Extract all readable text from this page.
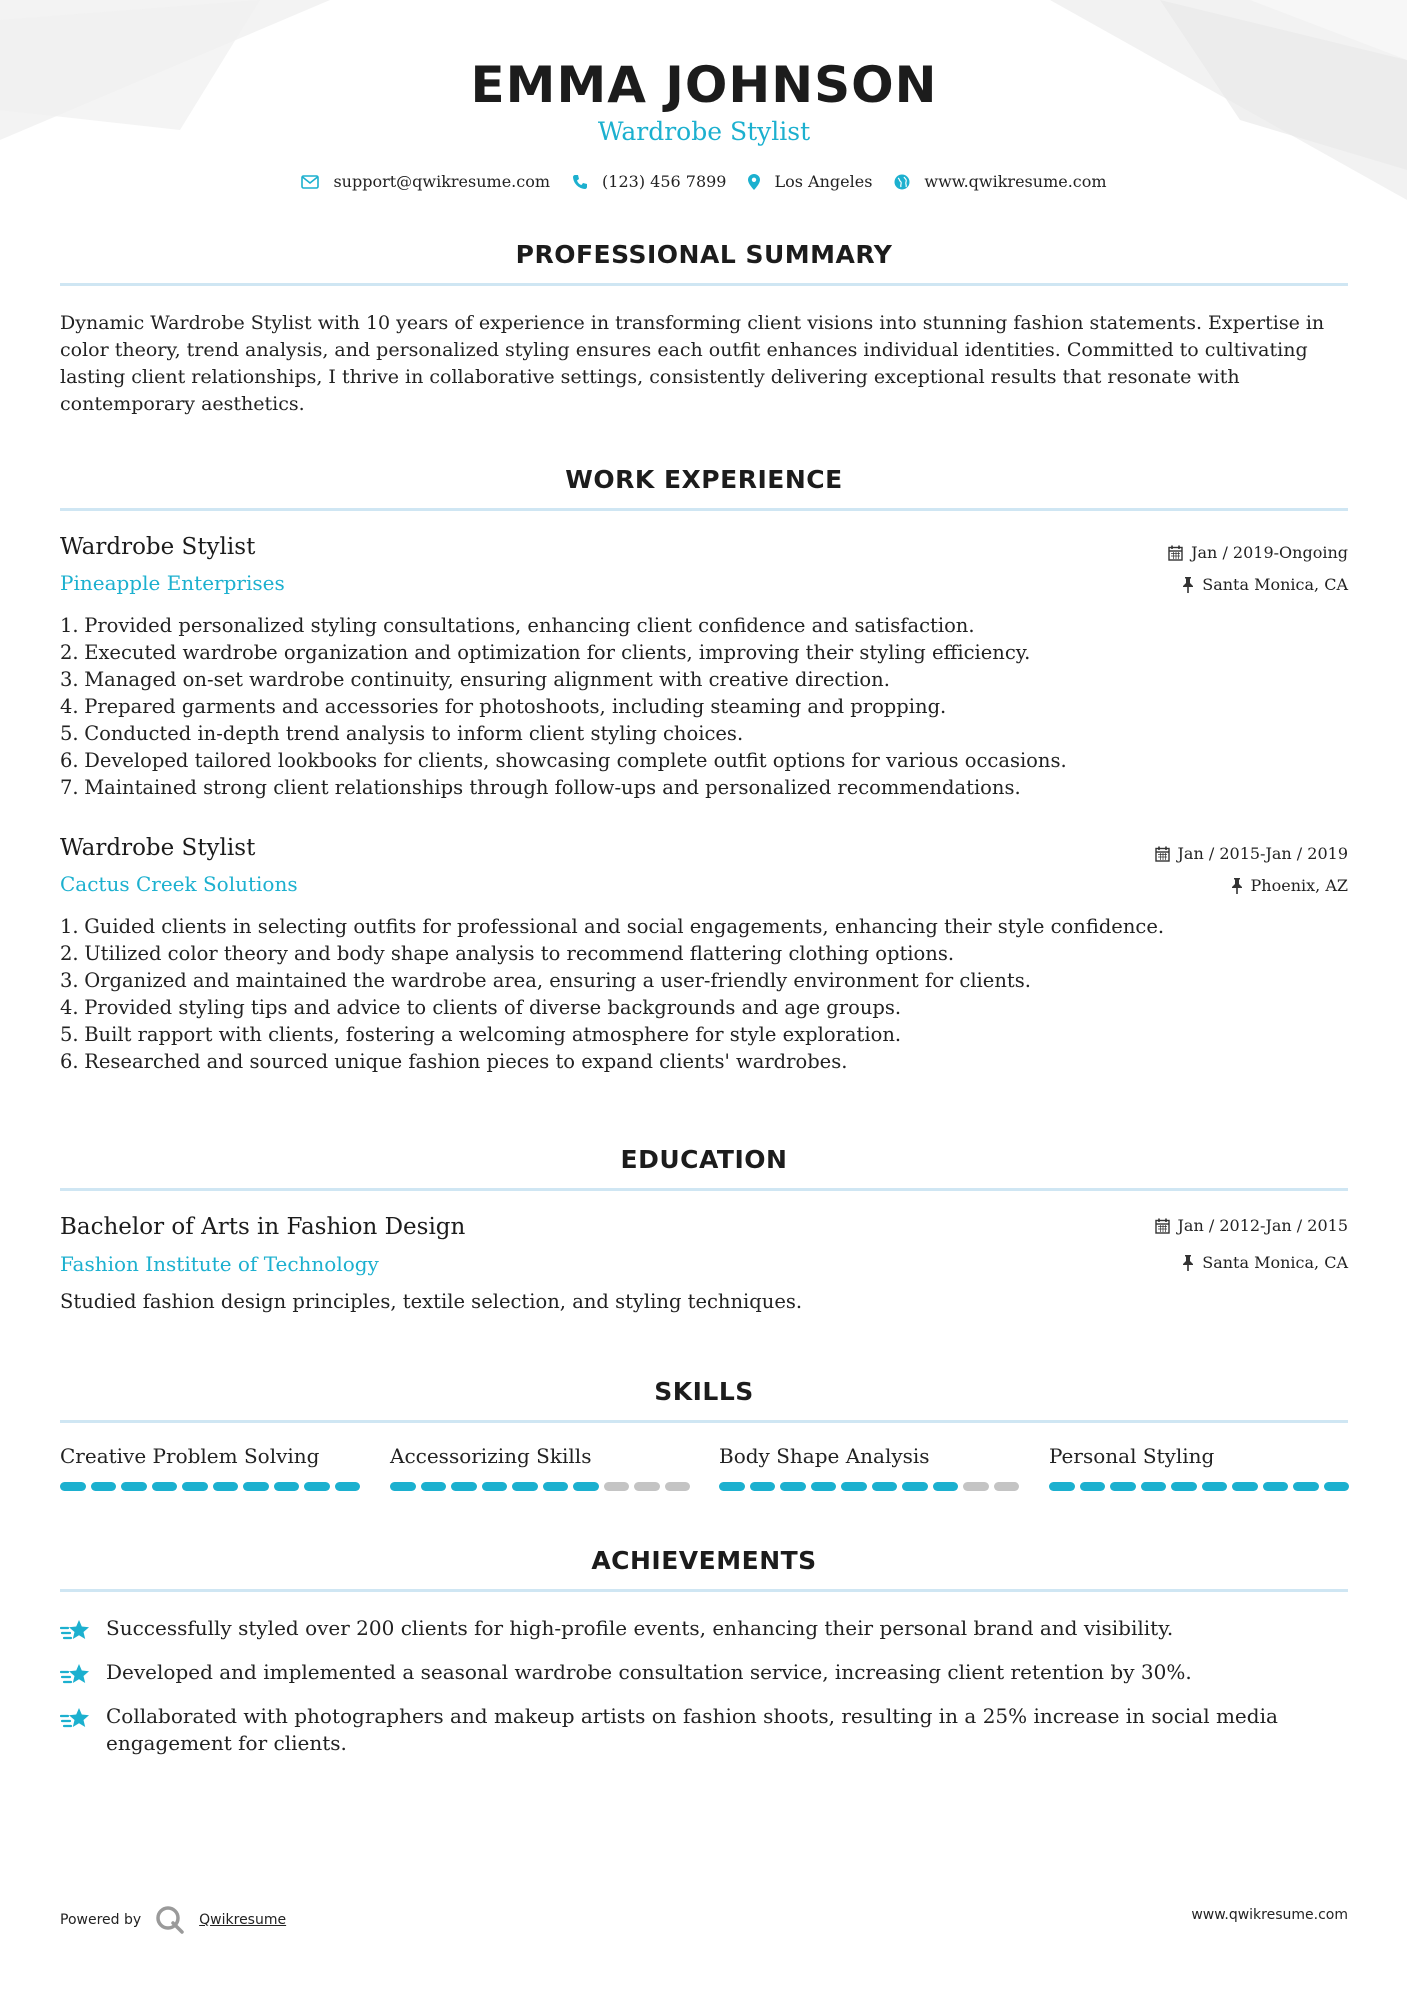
EMMA JOHNSON
Wardrobe Stylist
support@qwikresume.com	(123) 456 7899	Los Angeles	www.qwikresume.com
PROFESSIONAL SUMMARY
Dynamic Wardrobe Stylist with 10 years of experience in transforming client visions into stunning fashion statements. Expertise in color theory, trend analysis, and personalized styling ensures each outfit enhances individual identities. Committed to cultivating lasting client relationships, I thrive in collaborative settings, consistently delivering exceptional results that resonate with contemporary aesthetics.
WORK EXPERIENCE
Wardrobe Stylist
Pineapple Enterprises
Jan / 2019-Ongoing
Santa Monica, CA
1. Provided personalized styling consultations, enhancing client confidence and satisfaction.
2. Executed wardrobe organization and optimization for clients, improving their styling efficiency.
3. Managed on-set wardrobe continuity, ensuring alignment with creative direction.
4. Prepared garments and accessories for photoshoots, including steaming and propping.
5. Conducted in-depth trend analysis to inform client styling choices.
6. Developed tailored lookbooks for clients, showcasing complete outfit options for various occasions.
7. Maintained strong client relationships through follow-ups and personalized recommendations.
Wardrobe Stylist
Cactus Creek Solutions
Jan / 2015-Jan / 2019
Phoenix, AZ
1. Guided clients in selecting outfits for professional and social engagements, enhancing their style confidence.
2. Utilized color theory and body shape analysis to recommend flattering clothing options.
3. Organized and maintained the wardrobe area, ensuring a user-friendly environment for clients.
4. Provided styling tips and advice to clients of diverse backgrounds and age groups.
5. Built rapport with clients, fostering a welcoming atmosphere for style exploration.
6. Researched and sourced unique fashion pieces to expand clients' wardrobes.
EDUCATION
Bachelor of Arts in Fashion Design
Fashion Institute of Technology
Jan / 2012-Jan / 2015
Santa Monica, CA
Studied fashion design principles, textile selection, and styling techniques.
SKILLS
Creative Problem Solving	Accessorizing Skills	Body Shape Analysis	Personal Styling
ACHIEVEMENTS
Successfully styled over 200 clients for high-profile events, enhancing their personal brand and visibility.
Developed and implemented a seasonal wardrobe consultation service, increasing client retention by 30%.
Collaborated with photographers and makeup artists on fashion shoots, resulting in a 25% increase in social media engagement for clients.
Powered by	Qwikresume	www.qwikresume.com
